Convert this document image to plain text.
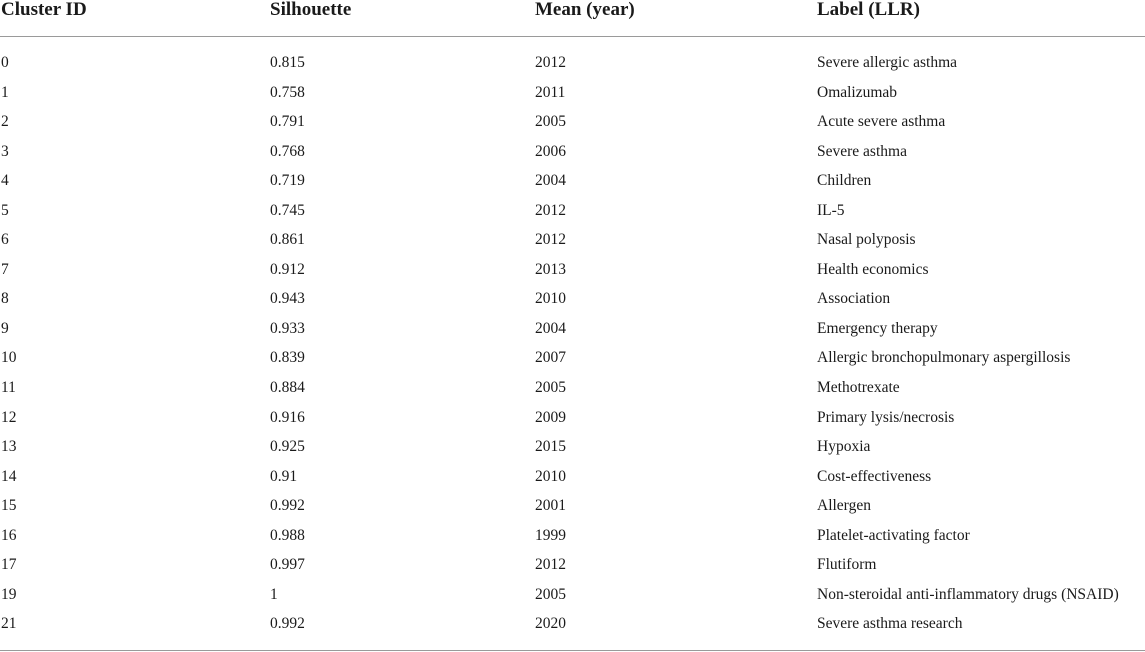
Cluster ID	Silhouette	Mean (year)	Label (LLR)
0	0.815	2012	Severe allergic asthma
1	0.758	2011	Omalizumab
2	0.791	2005	Acute severe asthma
3	0.768	2006	Severe asthma
4	0.719	2004	Children
5	0.745	2012	IL-5
6	0.861	2012	Nasal polyposis
7	0.912	2013	Health economics
8	0.943	2010	Association
9	0.933	2004	Emergency therapy
10	0.839	2007	Allergic bronchopulmonary aspergillosis
11	0.884	2005	Methotrexate
12	0.916	2009	Primary lysis/necrosis
13	0.925	2015	Hypoxia
14	0.91	2010	Cost-effectiveness
15	0.992	2001	Allergen
16	0.988	1999	Platelet-activating factor
17	0.997	2012	Flutiform
19	1	2005	Non-steroidal anti-inflammatory drugs (NSAID)
21	0.992	2020	Severe asthma research
